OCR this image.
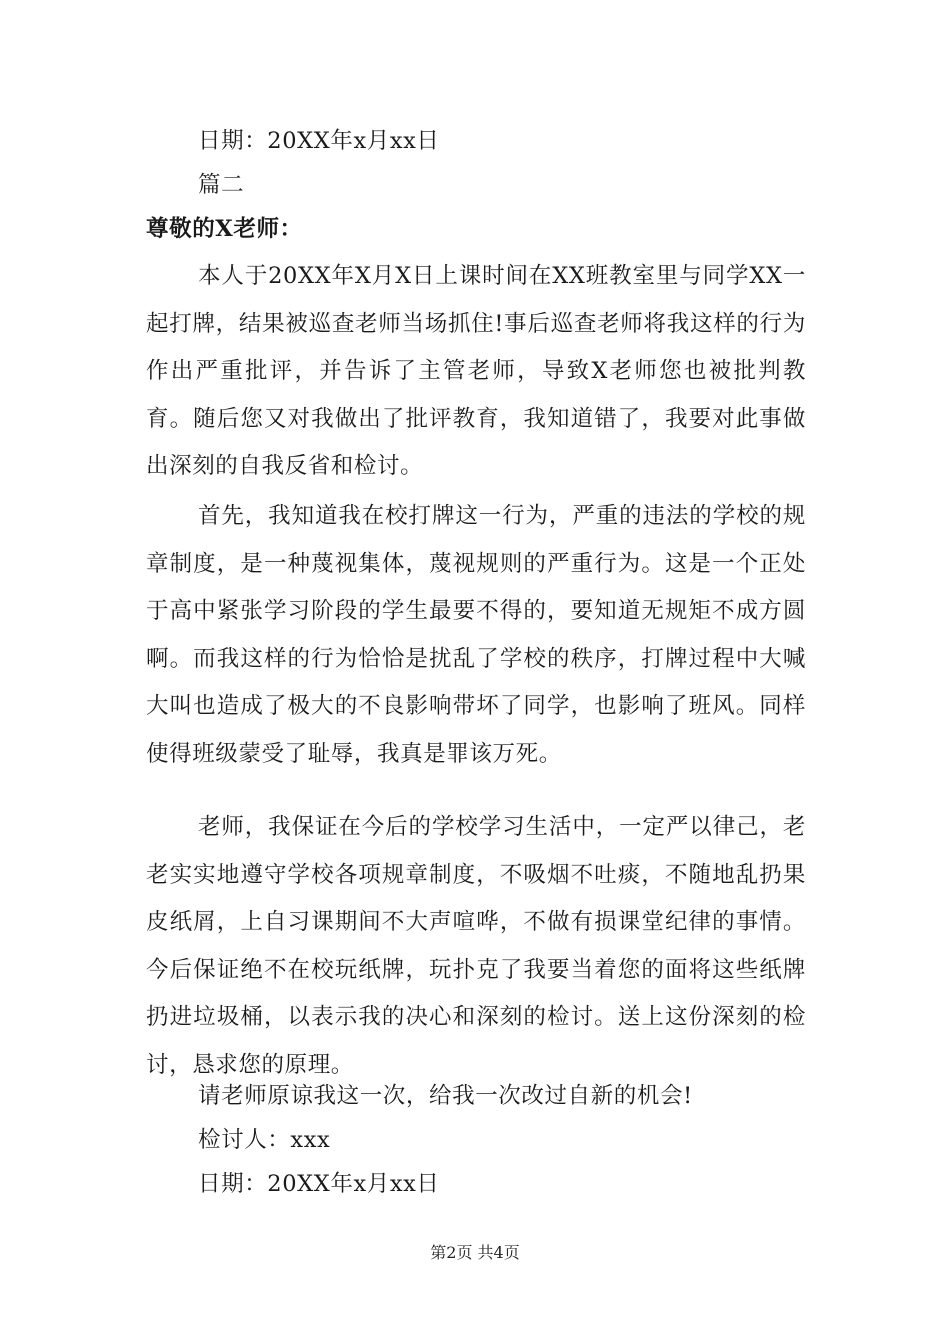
日期：20XX年x月xx日
篇二
尊敬的X老师：

本人于20XX年X月X日上课时间在XX班教室里与同学XX一起打牌，结果被巡查老师当场抓住!事后巡查老师将我这样的行为作出严重批评，并告诉了主管老师，导致X老师您也被批判教育。随后您又对我做出了批评教育，我知道错了，我要对此事做出深刻的自我反省和检讨。

首先，我知道我在校打牌这一行为，严重的违法的学校的规章制度，是一种蔑视集体，蔑视规则的严重行为。这是一个正处于高中紧张学习阶段的学生最要不得的，要知道无规矩不成方圆啊。而我这样的行为恰恰是扰乱了学校的秩序，打牌过程中大喊大叫也造成了极大的不良影响带坏了同学，也影响了班风。同样使得班级蒙受了耻辱，我真是罪该万死。

老师，我保证在今后的学校学习生活中，一定严以律己，老老实实地遵守学校各项规章制度，不吸烟不吐痰，不随地乱扔果皮纸屑，上自习课期间不大声喧哗，不做有损课堂纪律的事情。今后保证绝不在校玩纸牌，玩扑克了我要当着您的面将这些纸牌扔进垃圾桶，以表示我的决心和深刻的检讨。送上这份深刻的检讨，恳求您的原理。

请老师原谅我这一次，给我一次改过自新的机会!
检讨人：xxx
日期：20XX年x月xx日
第2页 共4页
